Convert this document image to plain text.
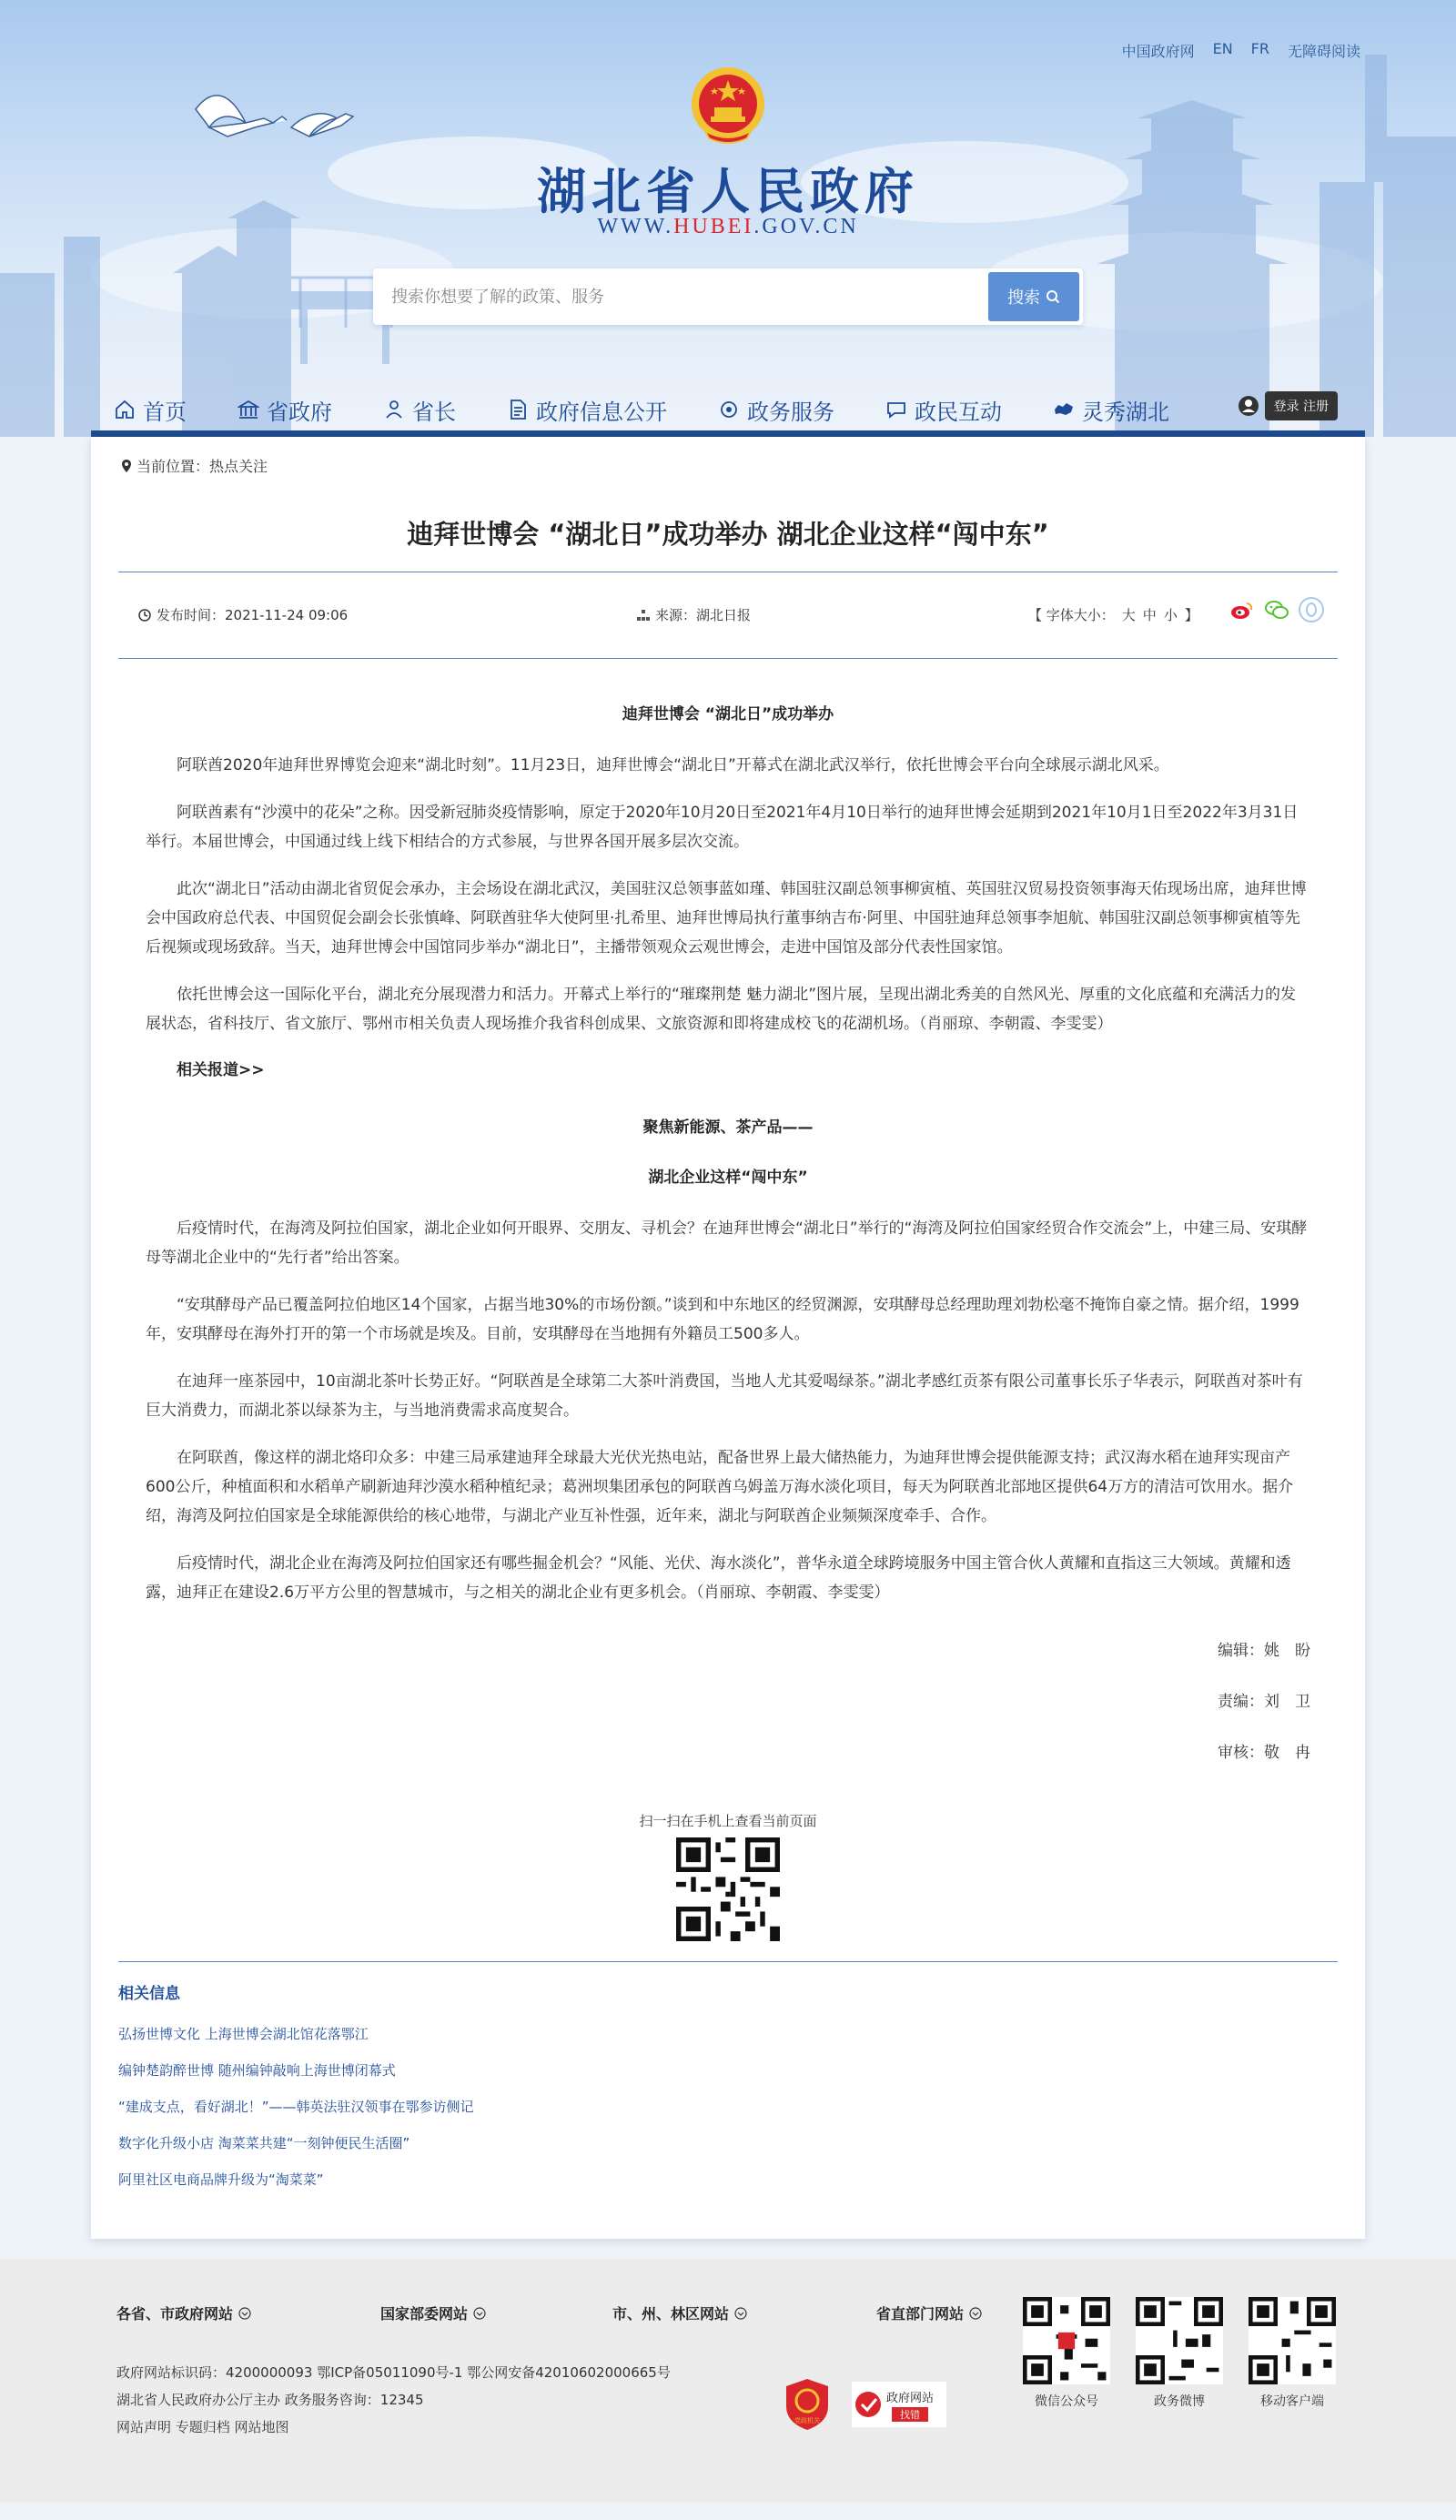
中国政府网 EN FR 无障碍阅读
湖北省人民政府
WWW.HUBEI.GOV.CN
搜索你想要了解的政策、服务
搜索
首页	省政府	省长	政府信息公开	政务服务	政民互动	灵秀湖北	登录 注册
当前位置：热点关注
迪拜世博会 “湖北日”成功举办 湖北企业这样“闯中东”
发布时间：2021-11-24 09:06	来源：湖北日报	【 字体大小： 大 中 小 】
迪拜世博会 “湖北日”成功举办

阿联酋2020年迪拜世界博览会迎来“湖北时刻”。11月23日，迪拜世博会“湖北日”开幕式在湖北武汉举行，依托世博会平台向全球展示湖北风采。

阿联酋素有“沙漠中的花朵”之称。因受新冠肺炎疫情影响，原定于2020年10月20日至2021年4月10日举行的迪拜世博会延期到2021年10月1日至2022年3月31日举行。本届世博会，中国通过线上线下相结合的方式参展，与世界各国开展多层次交流。

此次“湖北日”活动由湖北省贸促会承办，主会场设在湖北武汉，美国驻汉总领事蓝如瑾、韩国驻汉副总领事柳寅植、英国驻汉贸易投资领事海天佑现场出席，迪拜世博会中国政府总代表、中国贸促会副会长张慎峰、阿联酋驻华大使阿里·扎希里、迪拜世博局执行董事纳吉布·阿里、中国驻迪拜总领事李旭航、韩国驻汉副总领事柳寅植等先后视频或现场致辞。当天，迪拜世博会中国馆同步举办“湖北日”，主播带领观众云观世博会，走进中国馆及部分代表性国家馆。

依托世博会这一国际化平台，湖北充分展现潜力和活力。开幕式上举行的“璀璨荆楚 魅力湖北”图片展，呈现出湖北秀美的自然风光、厚重的文化底蕴和充满活力的发展状态，省科技厅、省文旅厅、鄂州市相关负责人现场推介我省科创成果、文旅资源和即将建成校飞的花湖机场。（肖丽琼、李朝霞、李雯雯）

相关报道>>
聚焦新能源、茶产品——
湖北企业这样“闯中东”

后疫情时代，在海湾及阿拉伯国家，湖北企业如何开眼界、交朋友、寻机会？在迪拜世博会“湖北日”举行的“海湾及阿拉伯国家经贸合作交流会”上，中建三局、安琪酵母等湖北企业中的“先行者”给出答案。

“安琪酵母产品已覆盖阿拉伯地区14个国家，占据当地30%的市场份额。”谈到和中东地区的经贸渊源，安琪酵母总经理助理刘勃松毫不掩饰自豪之情。据介绍，1999年，安琪酵母在海外打开的第一个市场就是埃及。目前，安琪酵母在当地拥有外籍员工500多人。

在迪拜一座茶园中，10亩湖北茶叶长势正好。“阿联酋是全球第二大茶叶消费国，当地人尤其爱喝绿茶。”湖北孝感红贡茶有限公司董事长乐子华表示，阿联酋对茶叶有巨大消费力，而湖北茶以绿茶为主，与当地消费需求高度契合。

在阿联酋，像这样的湖北烙印众多：中建三局承建迪拜全球最大光伏光热电站，配备世界上最大储热能力，为迪拜世博会提供能源支持；武汉海水稻在迪拜实现亩产600公斤，种植面积和水稻单产刷新迪拜沙漠水稻种植纪录；葛洲坝集团承包的阿联酋乌姆盖万海水淡化项目，每天为阿联酋北部地区提供64万方的清洁可饮用水。据介绍，海湾及阿拉伯国家是全球能源供给的核心地带，与湖北产业互补性强，近年来，湖北与阿联酋企业频频深度牵手、合作。

后疫情时代，湖北企业在海湾及阿拉伯国家还有哪些掘金机会？“风能、光伏、海水淡化”，普华永道全球跨境服务中国主管合伙人黄耀和直指这三大领域。黄耀和透露，迪拜正在建设2.6万平方公里的智慧城市，与之相关的湖北企业有更多机会。（肖丽琼、李朝霞、李雯雯）

编辑：姚　盼
责编：刘　卫
审核：敬　冉
扫一扫在手机上查看当前页面
相关信息
弘扬世博文化 上海世博会湖北馆花落鄂江
编钟楚韵醉世博 随州编钟敲响上海世博闭幕式
“建成支点，看好湖北！”——韩英法驻汉领事在鄂参访侧记
数字化升级小店 淘菜菜共建“一刻钟便民生活圈”
阿里社区电商品牌升级为“淘菜菜”
各省、市政府网站	国家部委网站	市、州、林区网站	省直部门网站
政府网站标识码：4200000093 鄂ICP备05011090号-1 鄂公网安备42010602000665号
湖北省人民政府办公厅主办 政务服务咨询：12345
网站声明 专题归档 网站地图	党政机关
政府网站
找错
微信公众号	政务微博	移动客户端
